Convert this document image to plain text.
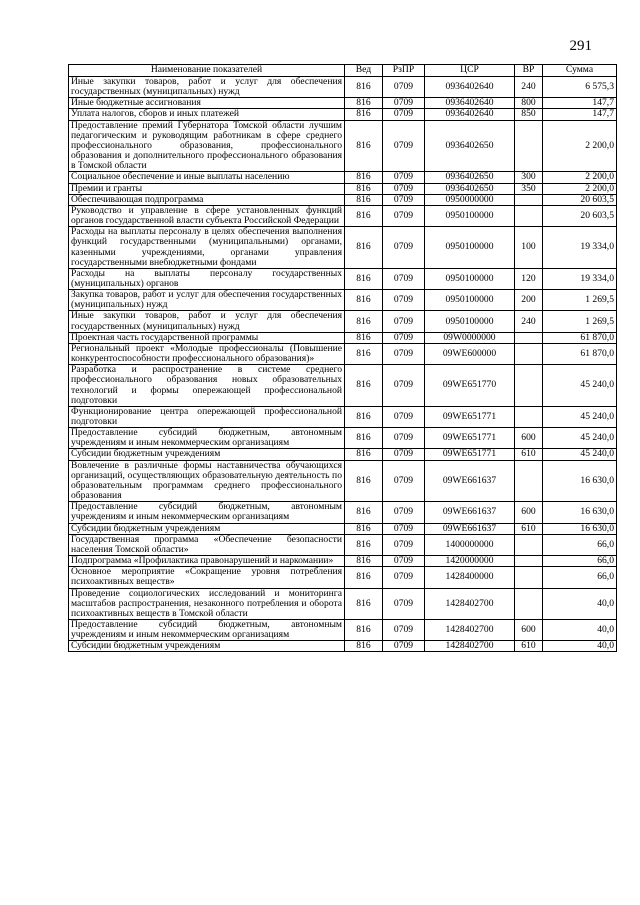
291
Наименование показателей	Вед	РзПР	ЦСР	ВР	Сумма
Иные закупки товаров, работ и услуг для обеспечения государственных (муниципальных) нужд	816	0709	0936402640	240	6 575,3
Иные бюджетные ассигнования	816	0709	0936402640	800	147,7
Уплата налогов, сборов и иных платежей	816	0709	0936402640	850	147,7
Предоставление премий Губернатора Томской области лучшим педагогическим и руководящим работникам в сфере среднего профессионального образования, профессионального образования и дополнительного профессионального образования в Томской области	816	0709	0936402650		2 200,0
Социальное обеспечение и иные выплаты населению	816	0709	0936402650	300	2 200,0
Премии и гранты	816	0709	0936402650	350	2 200,0
Обеспечивающая подпрограмма	816	0709	0950000000		20 603,5
Руководство и управление в сфере установленных функций органов государственной власти субъекта Российской Федерации	816	0709	0950100000		20 603,5
Расходы на выплаты персоналу в целях обеспечения выполнения функций государственными (муниципальными) органами, казенными учреждениями, органами управления государственными внебюджетными фондами	816	0709	0950100000	100	19 334,0
Расходы на выплаты персоналу государственных (муниципальных) органов	816	0709	0950100000	120	19 334,0
Закупка товаров, работ и услуг для обеспечения государственных (муниципальных) нужд	816	0709	0950100000	200	1 269,5
Иные закупки товаров, работ и услуг для обеспечения государственных (муниципальных) нужд	816	0709	0950100000	240	1 269,5
Проектная часть государственной программы	816	0709	09W0000000		61 870,0
Региональный проект «Молодые профессионалы (Повышение конкурентоспособности профессионального образования)»	816	0709	09WE600000		61 870,0
Разработка и распространение в системе среднего профессионального образования новых образовательных технологий и формы опережающей профессиональной подготовки	816	0709	09WE651770		45 240,0
Функционирование центра опережающей профессиональной подготовки	816	0709	09WE651771		45 240,0
Предоставление субсидий бюджетным, автономным учреждениям и иным некоммерческим организациям	816	0709	09WE651771	600	45 240,0
Субсидии бюджетным учреждениям	816	0709	09WE651771	610	45 240,0
Вовлечение в различные формы наставничества обучающихся организаций, осуществляющих образовательную деятельность по образовательным программам среднего профессионального образования	816	0709	09WE661637		16 630,0
Предоставление субсидий бюджетным, автономным учреждениям и иным некоммерческим организациям	816	0709	09WE661637	600	16 630,0
Субсидии бюджетным учреждениям	816	0709	09WE661637	610	16 630,0
Государственная программа «Обеспечение безопасности населения Томской области»	816	0709	1400000000		66,0
Подпрограмма «Профилактика правонарушений и наркомании»	816	0709	1420000000		66,0
Основное мероприятие «Сокращение уровня потребления психоактивных веществ»	816	0709	1428400000		66,0
Проведение социологических исследований и мониторинга масштабов распространения, незаконного потребления и оборота психоактивных веществ в Томской области	816	0709	1428402700		40,0
Предоставление субсидий бюджетным, автономным учреждениям и иным некоммерческим организациям	816	0709	1428402700	600	40,0
Субсидии бюджетным учреждениям	816	0709	1428402700	610	40,0
